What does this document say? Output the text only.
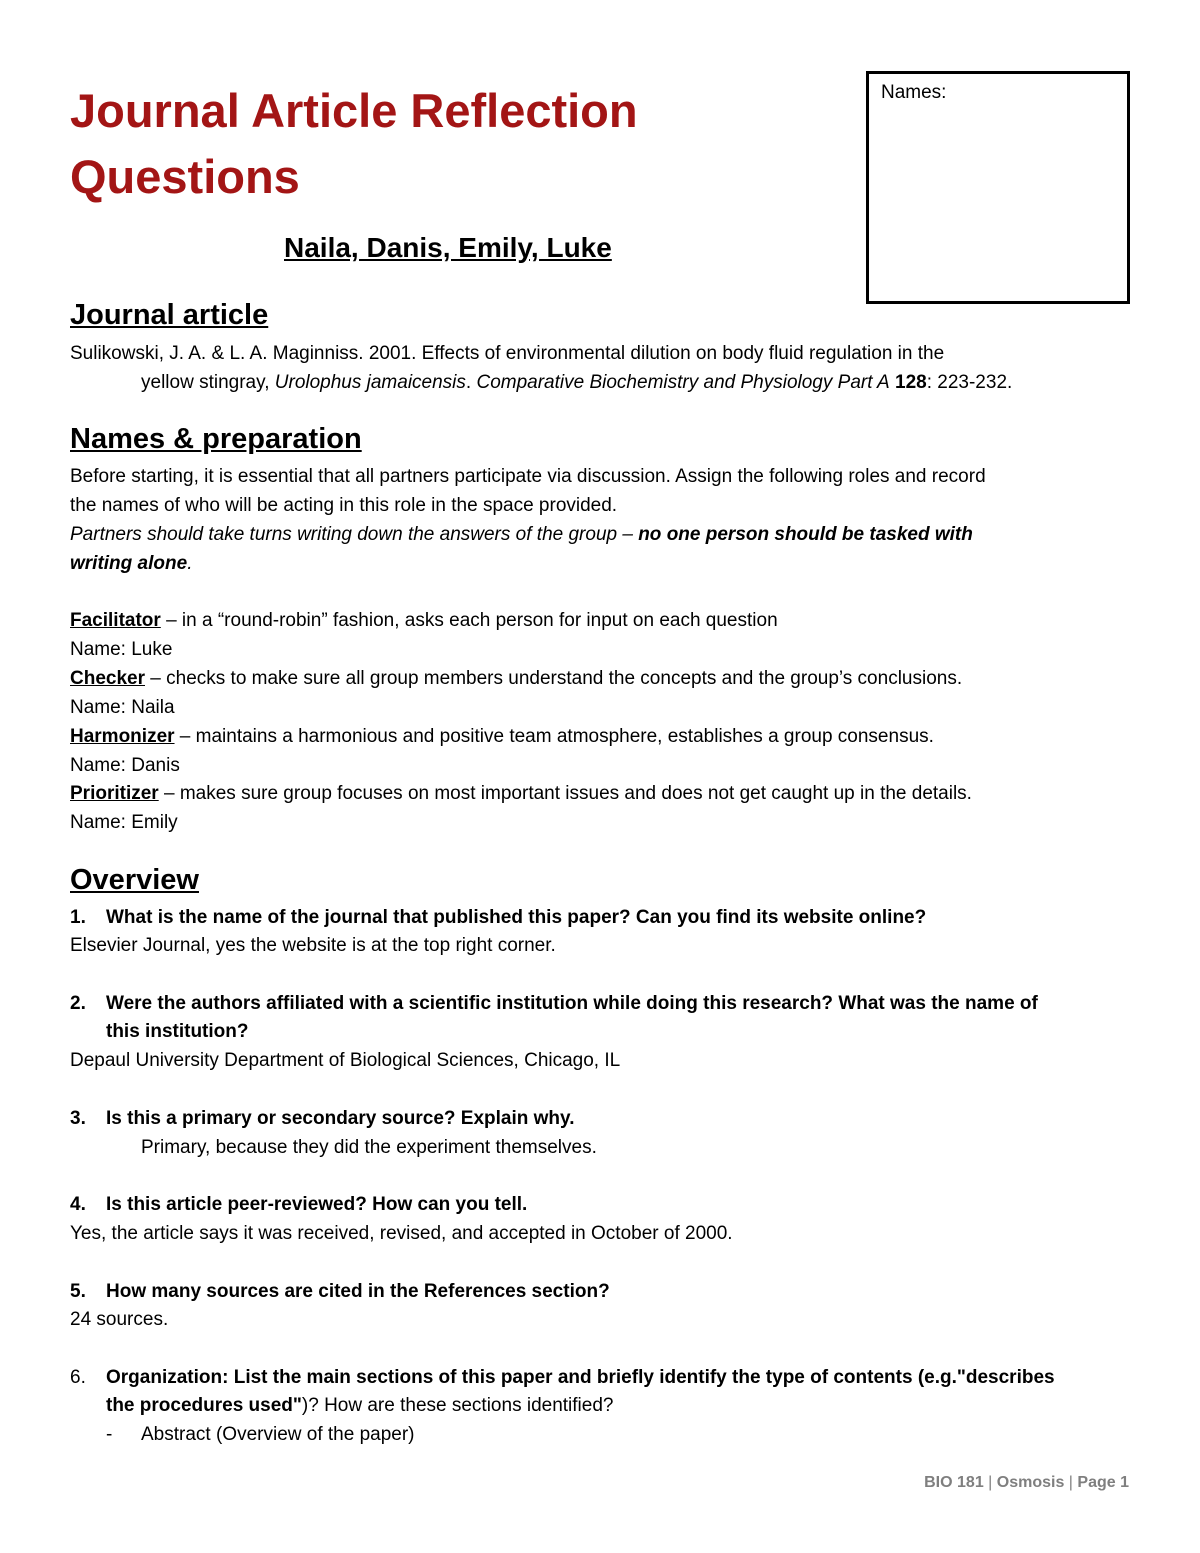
Journal Article Reflection
Questions
Names:
Naila, Danis, Emily, Luke
Journal article
Sulikowski, J. A. & L. A. Maginniss. 2001. Effects of environmental dilution on body fluid regulation in the
yellow stingray, Urolophus jamaicensis. Comparative Biochemistry and Physiology Part A 128: 223-232.
Names & preparation
Before starting, it is essential that all partners participate via discussion. Assign the following roles and record
the names of who will be acting in this role in the space provided.
Partners should take turns writing down the answers of the group – no one person should be tasked with
writing alone.
Facilitator – in a “round-robin” fashion, asks each person for input on each question
Name: Luke
Checker – checks to make sure all group members understand the concepts and the group’s conclusions.
Name: Naila
Harmonizer – maintains a harmonious and positive team atmosphere, establishes a group consensus.
Name: Danis
Prioritizer – makes sure group focuses on most important issues and does not get caught up in the details.
Name: Emily
Overview
1. What is the name of the journal that published this paper? Can you find its website online?
Elsevier Journal, yes the website is at the top right corner.
2. Were the authors affiliated with a scientific institution while doing this research? What was the name of
this institution?
Depaul University Department of Biological Sciences, Chicago, IL
3. Is this a primary or secondary source? Explain why.
Primary, because they did the experiment themselves.
4. Is this article peer-reviewed? How can you tell.
Yes, the article says it was received, revised, and accepted in October of 2000.
5. How many sources are cited in the References section?
24 sources.
6. Organization: List the main sections of this paper and briefly identify the type of contents (e.g."describes
the procedures used")? How are these sections identified?
- Abstract (Overview of the paper)
BIO 181 | Osmosis | Page 1
